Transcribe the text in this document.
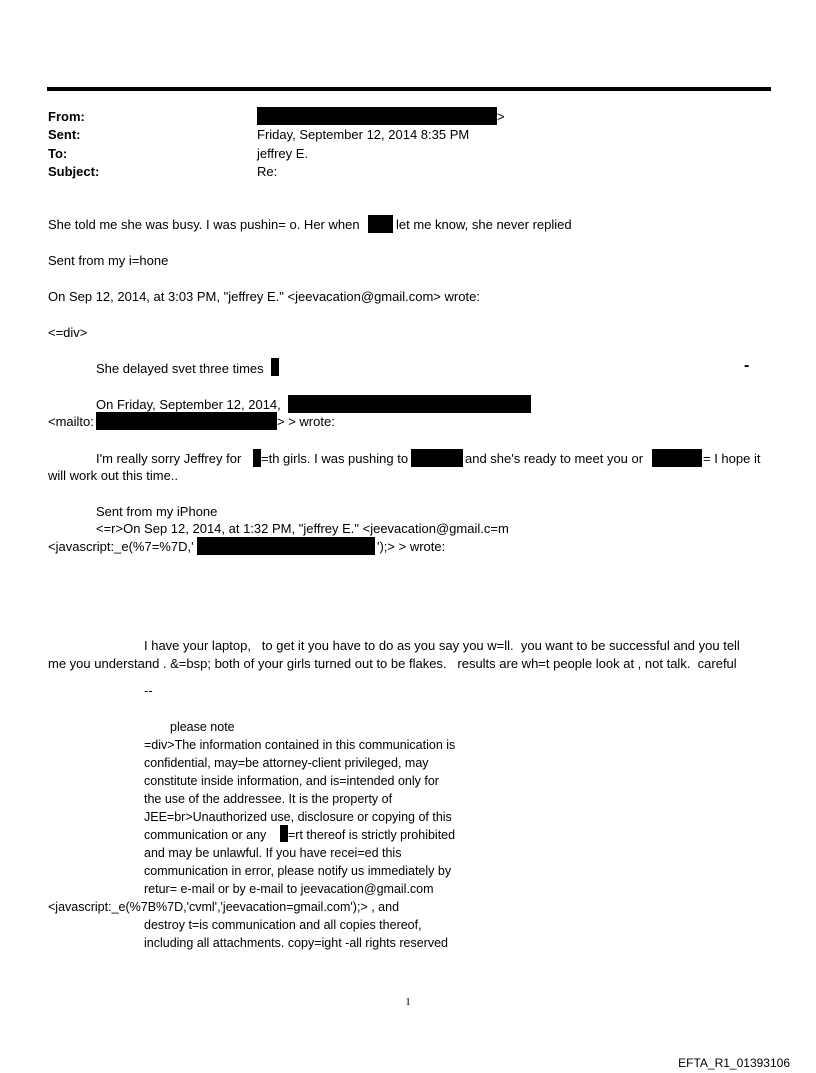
From:	>
Sent:	Friday, September 12, 2014 8:35 PM
To:	jeffrey E.
Subject:	Re:
She told me she was busy. I was pushin= o. Her when	let me know, she never replied
Sent from my i=hone
On Sep 12, 2014, at 3:03 PM, "jeffrey E." <jeevacation@gmail.com> wrote:
<=div>
She delayed svet three times	-
On Friday, September 12, 2014,
<mailto:	> > wrote:
I'm really sorry Jeffrey for =th girls. I was pushing to	and she's ready to meet you or	= I hope it
will work out this time..
Sent from my iPhone
<=r>On Sep 12, 2014, at 1:32 PM, "jeffrey E." <jeevacation@gmail.c=m
<javascript:_e(%7=%7D,'	');> > wrote:
I have your laptop,   to get it you have to do as you say you w=ll.  you want to be successful and you tell
me you understand . &=bsp; both of your girls turned out to be flakes.   results are wh=t people look at , not talk.  careful
--
please note
=div>The information contained in this communication is
confidential, may=be attorney-client privileged, may
constitute inside information, and is=intended only for
the use of the addressee. It is the property of
JEE=br>Unauthorized use, disclosure or copying of this
communication or any =rt thereof is strictly prohibited
and may be unlawful. If you have recei=ed this
communication in error, please notify us immediately by
retur= e-mail or by e-mail to jeevacation@gmail.com
<javascript:_e(%7B%7D,'cvml','jeevacation=gmail.com');> , and
destroy t=is communication and all copies thereof,
including all attachments. copy=ight -all rights reserved
1
EFTA_R1_01393106
